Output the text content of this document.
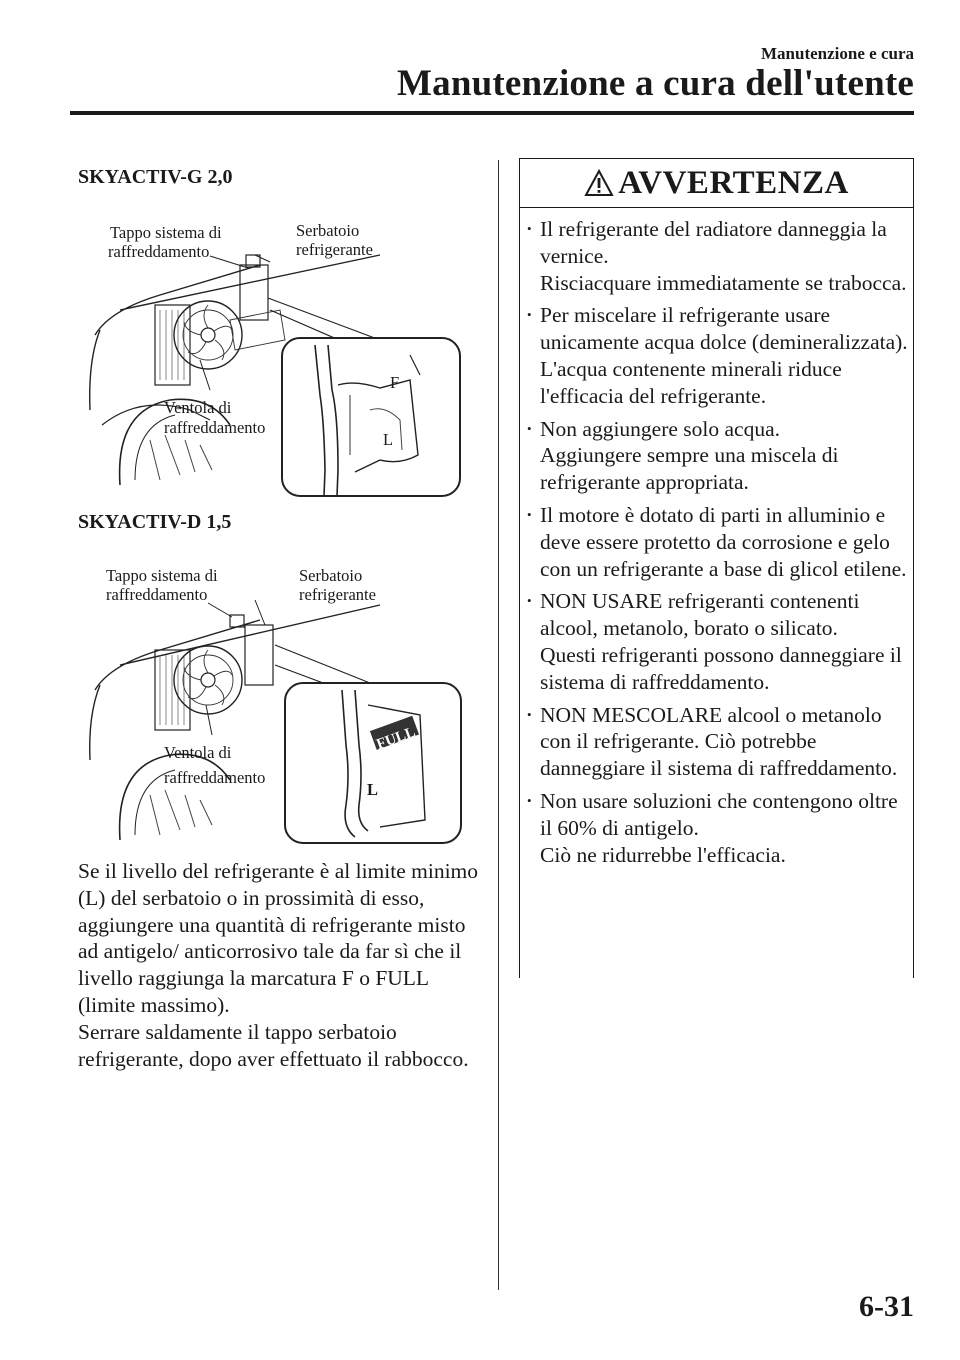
Manutenzione e cura
Manutenzione a cura dell'utente
SKYACTIV-G 2,0
F
L
Tappo sistema di
raffreddamento
Serbatoio
refrigerante
Ventola di
raffreddamento
SKYACTIV-D 1,5
FULL
L
Tappo sistema di
raffreddamento
Serbatoio
refrigerante
Ventola di
raffreddamento

Se il livello del refrigerante è al limite minimo (L) del serbatoio o in prossimità di esso, aggiungere una quantità di refrigerante misto ad antigelo/ anticorrosivo tale da far sì che il livello raggiunga la marcatura F o FULL (limite massimo).

Serrare saldamente il tappo serbatoio refrigerante, dopo aver effettuato il rabbocco.

AVVERTENZA
• Il refrigerante del radiatore danneggia la vernice.
Risciacquare immediatamente se trabocca.
• Per miscelare il refrigerante usare unicamente acqua dolce (demineralizzata). L'acqua contenente minerali riduce l'efficacia del refrigerante.
• Non aggiungere solo acqua.
Aggiungere sempre una miscela di refrigerante appropriata.
• Il motore è dotato di parti in alluminio e deve essere protetto da corrosione e gelo con un refrigerante a base di glicol etilene.
• NON USARE refrigeranti contenenti alcool, metanolo, borato o silicato.
Questi refrigeranti possono danneggiare il sistema di raffreddamento.
• NON MESCOLARE alcool o metanolo con il refrigerante. Ciò potrebbe danneggiare il sistema di raffreddamento.
• Non usare soluzioni che contengono oltre il 60% di antigelo.
Ciò ne ridurrebbe l'efficacia.
6-31
